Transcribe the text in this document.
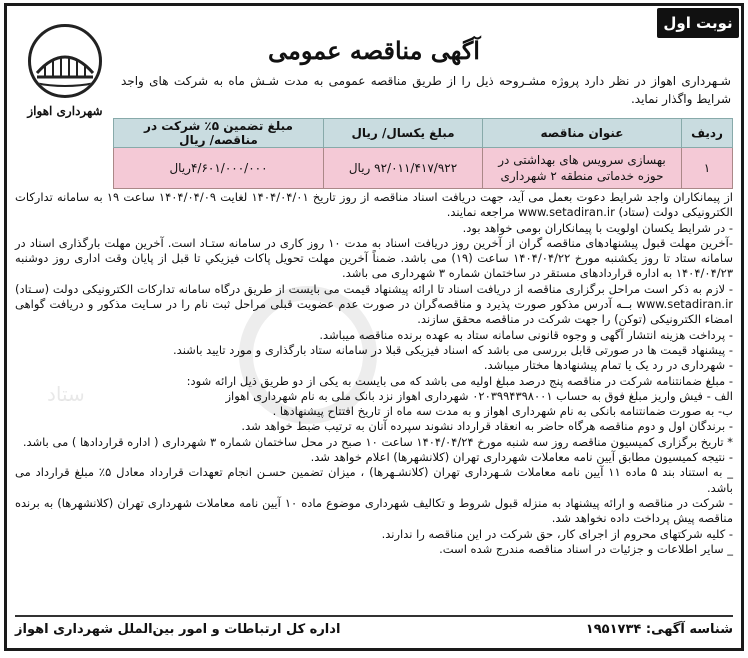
نوبت اول
آگهی مناقصه عمومی
شهرداری اهواز
شـهرداری اهواز در نظر دارد پروژه مشـروحه ذیل را از طریق مناقصه عمومی به مدت شـش ماه به شرکت های واجد شرایط واگذار نماید.
ردیف	عنوان مناقصه	مبلغ یکسال/ ریال	مبلغ تضمین ۵٪ شرکت در مناقصه/ ریال
۱	بهسازی سرویس های بهداشتی در حوزه خدماتی منطقه ۲ شهرداری	۹۲/۰۱۱/۴۱۷/۹۲۲ ریال	۴/۶۰۱/۰۰۰/۰۰۰ریال
ستاد

از پیمانکاران واجد شرایط دعوت بعمل می آید، جهت دریافت اسناد مناقصه از روز تاریخ ۱۴۰۴/۰۴/۰۱ لغایت ۱۴۰۴/۰۴/۰۹ ساعت ۱۹ به سامانه تدارکات الکترونیکی دولت (ستاد) www.setadiran.ir مراجعه نمایند.

- در شرایط یکسان اولویت با پیمانکاران بومی خواهد بود.

-آخرین مهلت قبول پیشنهادهای مناقصه گران از آخرین روز دریافت اسناد به مدت ۱۰ روز کاری در سامانه ستـاد است. آخرین مهلت بارگذاری اسناد در سامانه ستاد تا روز یکشنبه مورخ ۱۴۰۴/۰۴/۲۲ ساعت (۱۹) می باشد. ضمناً آخرین مهلت تحویل پاکات فیزیکي تا قبل از پایان وقت اداری روز دوشنبه ۱۴۰۴/۰۴/۲۳ به اداره قراردادهای مستقر در ساختمان شماره ۳ شهرداری می باشد.

- لازم به ذکر است مراحل برگزاری مناقصه از دریافت اسناد تا ارائه پیشنهاد قیمت می بایست از طریق درگاه سامانه تدارکات الکترونیکی دولت (سـتاد) www.setadiran.ir بــه آدرس مذکور صورت پذیرد و مناقصه‌گران در صورت عدم عضویت قبلی مراحل ثبت نام را در سـایت مذکور و دریافت گواهی امضاء الکترونیکی (توکن) را جهت شرکت در مناقصه محقق سازند.

- پرداخت هزینه انتشار آگهی و وجوه قانونی سامانه ستاد به عهده برنده مناقصه میباشد.

- پیشنهاد قیمت ها در صورتی قابل بررسی می باشد که اسناد فیزیکی قبلا در سامانه ستاد بارگذاری و مورد تایید باشند.

- شهرداری در رد یک یا تمام پیشنهادها مختار میباشد.

- مبلغ ضمانتنامه شرکت در مناقصه پنج درصد مبلغ اولیه می باشد که می بایست به یکی از دو طریق ذیل ارائه شود:

الف - فیش واریز مبلغ فوق به حساب ۰۲۰۳۹۹۴۳۹۸۰۰۱ شهرداری اهواز نزد بانک ملی به نام شهرداری اهواز

ب- به صورت ضمانتنامه بانکی به نام شهرداری اهواز و به مدت سه ماه از تاریخ افتتاح پیشنهادها .

- برندگان اول و دوم مناقصه هرگاه حاضر به انعقاد قرارداد نشوند سپرده آنان به ترتیب ضبط خواهد شد.

* تاریخ برگزاری کمیسیون مناقصه روز سه شنبه مورخ ۱۴۰۴/۰۴/۲۴ ساعت ۱۰ صبح در محل ساختمان شماره ۳ شهرداری ( اداره قراردادها ) می باشد.

- نتیجه کمیسیون مطابق آیین نامه معاملات شهرداری تهران (کلانشهرها) اعلام خواهد شد.

_ به استناد بند ۵ ماده ۱۱ آیین نامه معاملات شـهرداری تهران (کلانشـهرها) ، میزان تضمین حسـن انجام تعهدات قرارداد معادل ۵٪ مبلغ قرارداد می باشد.

- شرکت در مناقصه و ارائه پیشنهاد به منزله قبول شروط و تکالیف شهرداری موضوع ماده ۱۰ آیین نامه معاملات شهرداری تهران (کلانشهرها) به برنده مناقصه پیش پرداخت داده نخواهد شد.

- کلیه شرکتهای محروم از اجرای کار، حق شرکت در این مناقصه را ندارند.

_ سایر اطلاعات و جزئیات در اسناد مناقصه مندرج شده است.

شناسه آگهی: ۱۹۵۱۷۳۴
اداره کل ارتباطات و امور بین‌الملل شهرداری اهواز
